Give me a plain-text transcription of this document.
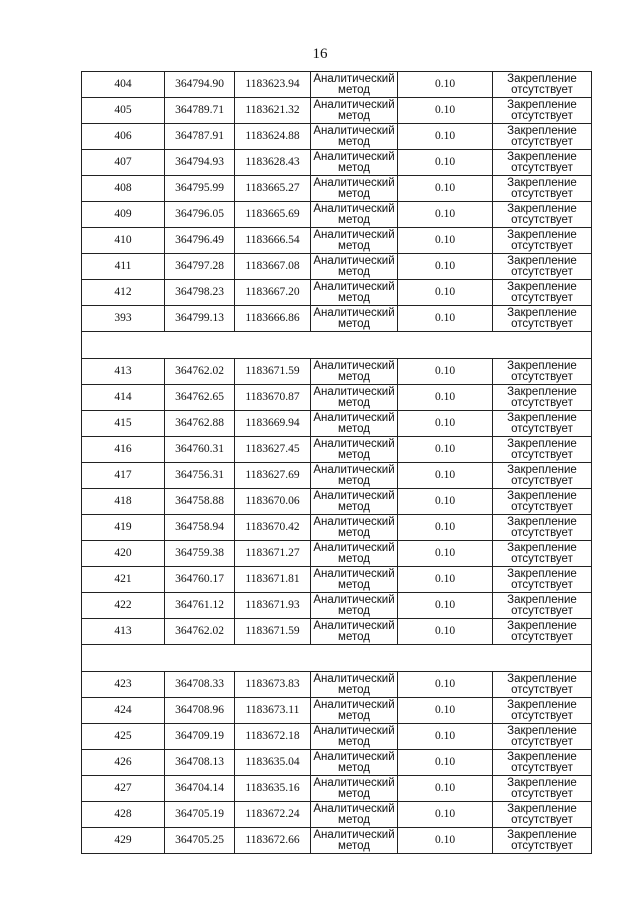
16
404	364794.90	1183623.94	Аналитический
метод	0.10	Закрепление
отсутствует

405	364789.71	1183621.32	Аналитический
метод	0.10	Закрепление
отсутствует

406	364787.91	1183624.88	Аналитический
метод	0.10	Закрепление
отсутствует

407	364794.93	1183628.43	Аналитический
метод	0.10	Закрепление
отсутствует

408	364795.99	1183665.27	Аналитический
метод	0.10	Закрепление
отсутствует

409	364796.05	1183665.69	Аналитический
метод	0.10	Закрепление
отсутствует

410	364796.49	1183666.54	Аналитический
метод	0.10	Закрепление
отсутствует

411	364797.28	1183667.08	Аналитический
метод	0.10	Закрепление
отсутствует

412	364798.23	1183667.20	Аналитический
метод	0.10	Закрепление
отсутствует

393	364799.13	1183666.86	Аналитический
метод	0.10	Закрепление
отсутствует

413	364762.02	1183671.59	Аналитический
метод	0.10	Закрепление
отсутствует

414	364762.65	1183670.87	Аналитический
метод	0.10	Закрепление
отсутствует

415	364762.88	1183669.94	Аналитический
метод	0.10	Закрепление
отсутствует

416	364760.31	1183627.45	Аналитический
метод	0.10	Закрепление
отсутствует

417	364756.31	1183627.69	Аналитический
метод	0.10	Закрепление
отсутствует

418	364758.88	1183670.06	Аналитический
метод	0.10	Закрепление
отсутствует

419	364758.94	1183670.42	Аналитический
метод	0.10	Закрепление
отсутствует

420	364759.38	1183671.27	Аналитический
метод	0.10	Закрепление
отсутствует

421	364760.17	1183671.81	Аналитический
метод	0.10	Закрепление
отсутствует

422	364761.12	1183671.93	Аналитический
метод	0.10	Закрепление
отсутствует

413	364762.02	1183671.59	Аналитический
метод	0.10	Закрепление
отсутствует

423	364708.33	1183673.83	Аналитический
метод	0.10	Закрепление
отсутствует

424	364708.96	1183673.11	Аналитический
метод	0.10	Закрепление
отсутствует

425	364709.19	1183672.18	Аналитический
метод	0.10	Закрепление
отсутствует

426	364708.13	1183635.04	Аналитический
метод	0.10	Закрепление
отсутствует

427	364704.14	1183635.16	Аналитический
метод	0.10	Закрепление
отсутствует

428	364705.19	1183672.24	Аналитический
метод	0.10	Закрепление
отсутствует

429	364705.25	1183672.66	Аналитический
метод	0.10	Закрепление
отсутствует
